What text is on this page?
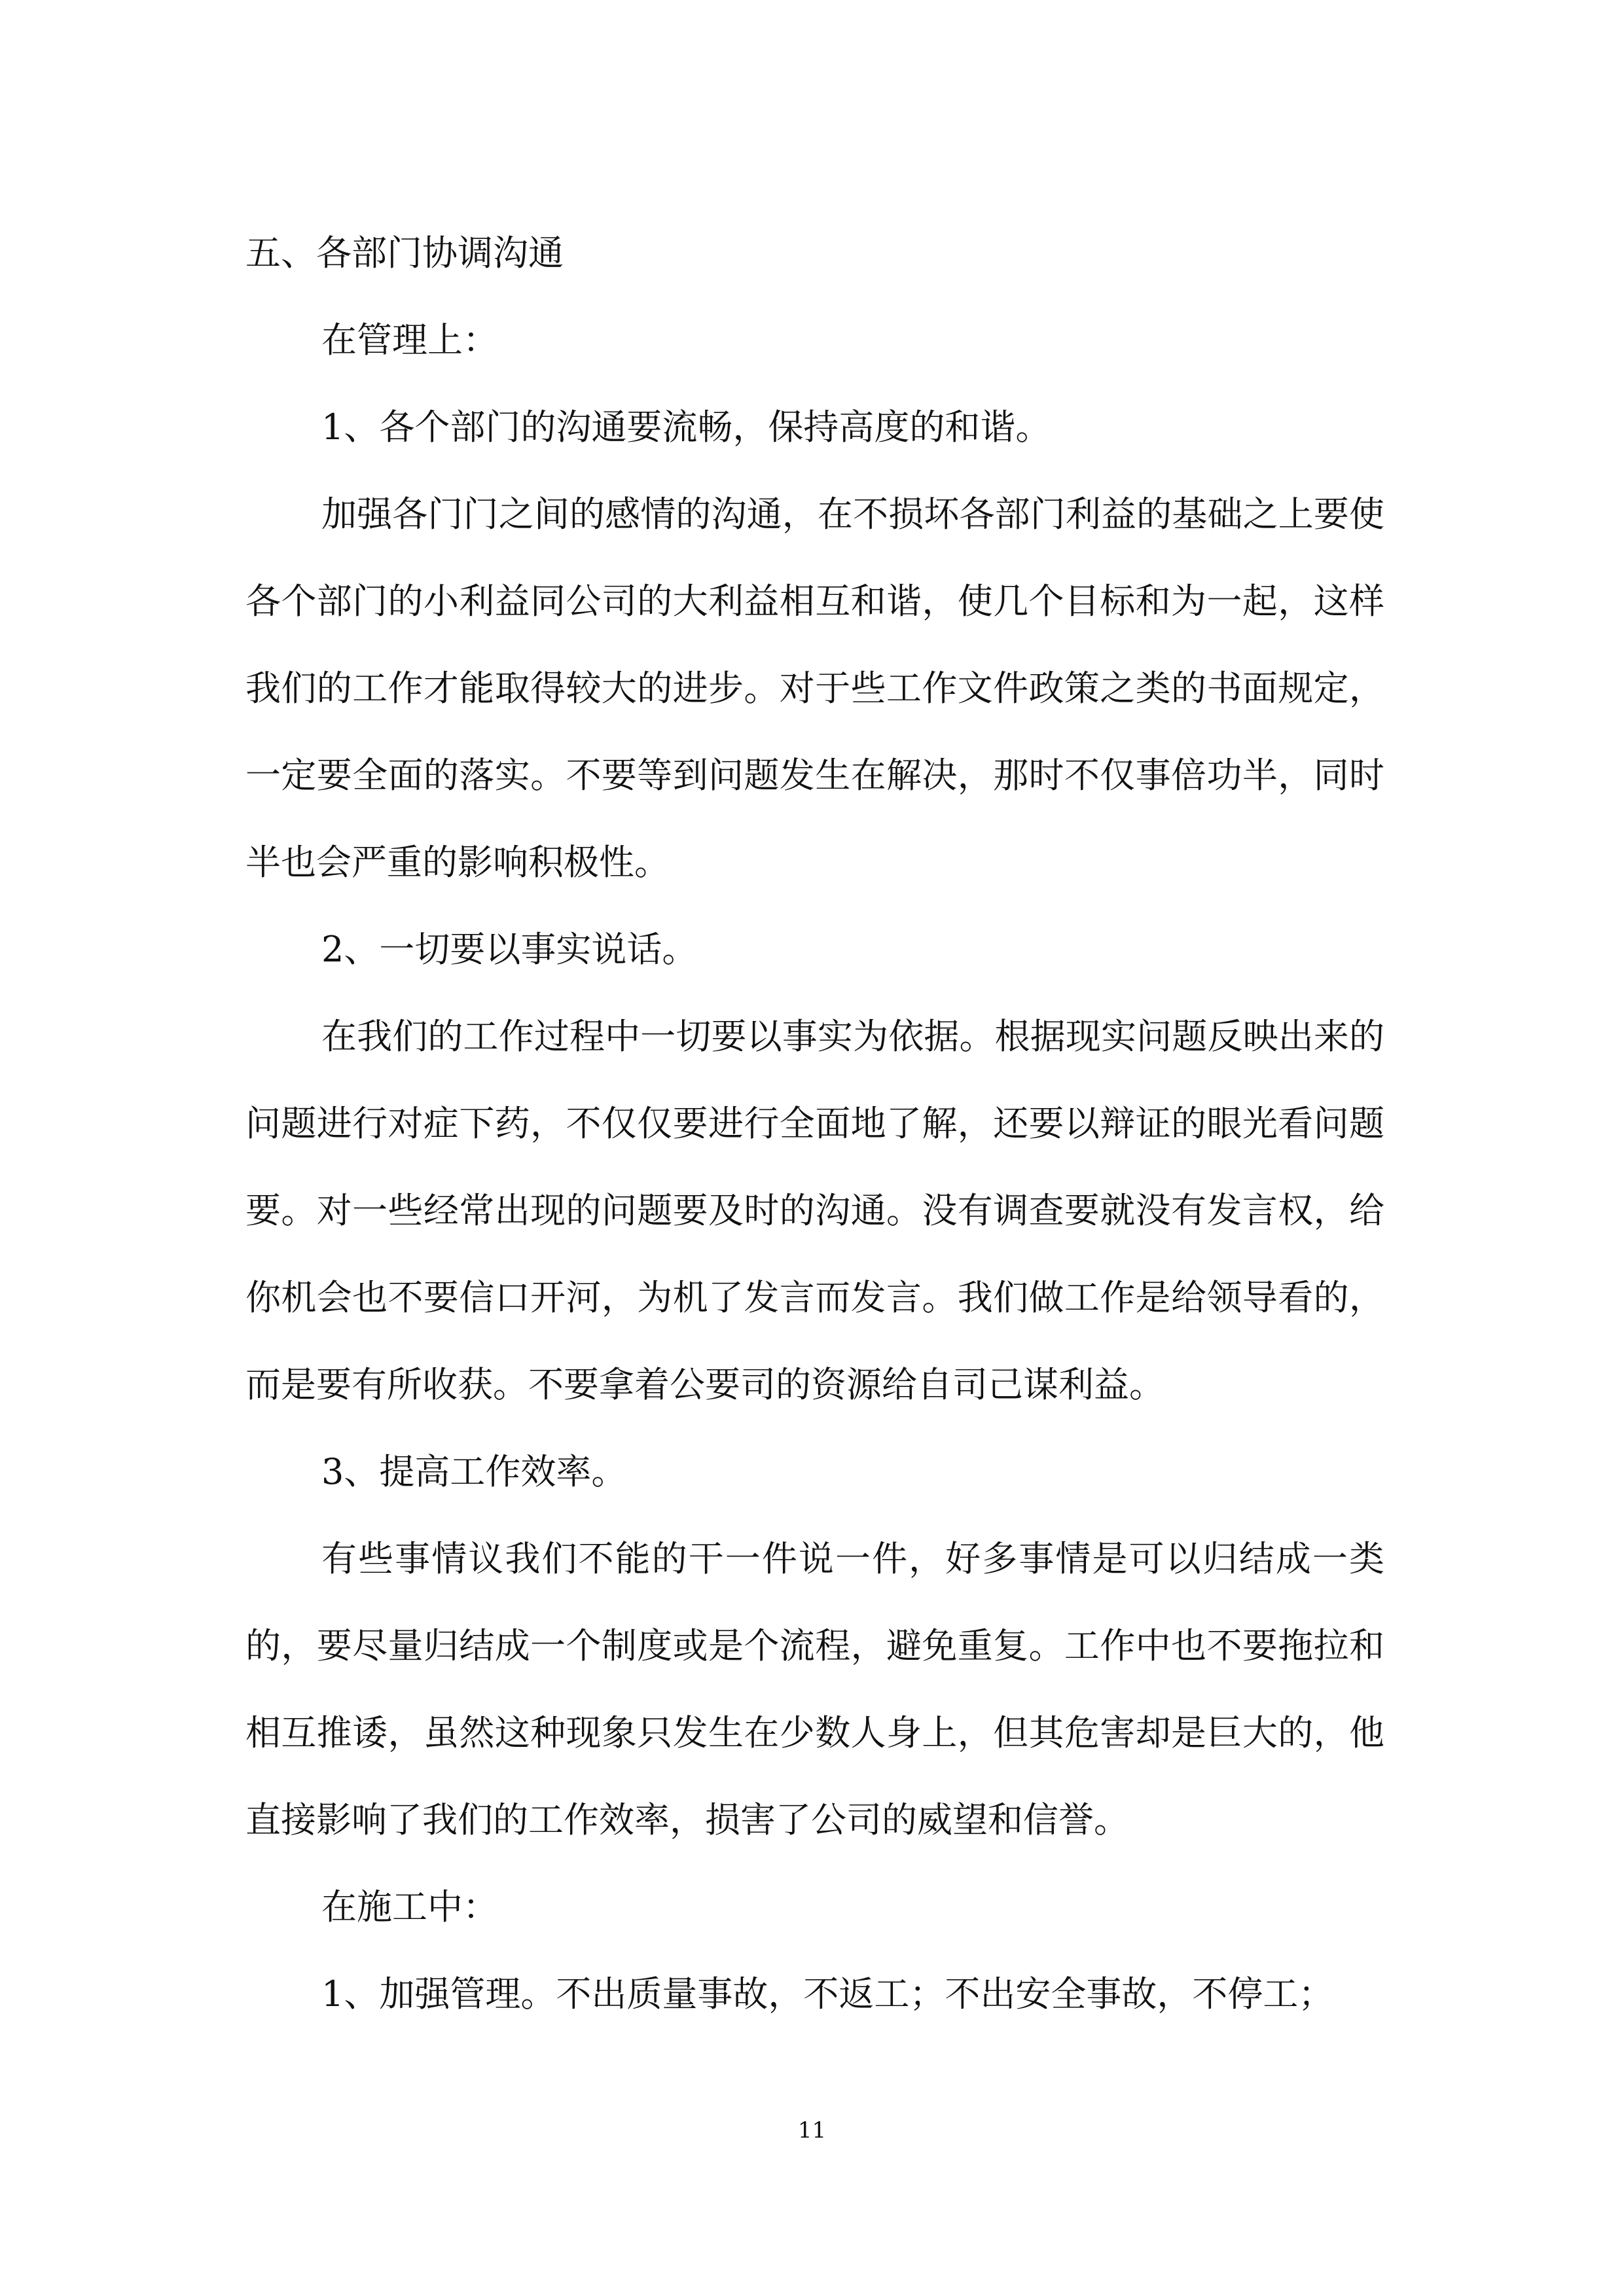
五、各部门协调沟通

在管理上：

1、各个部门的沟通要流畅，保持高度的和谐。

加强各门门之间的感情的沟通，在不损坏各部门利益的基础之上要使各个部门的小利益同公司的大利益相互和谐，使几个目标和为一起，这样我们的工作才能取得较大的进步。对于些工作文件政策之类的书面规定，一定要全面的落实。不要等到问题发生在解决，那时不仅事倍功半，同时半也会严重的影响积极性。

2、一切要以事实说话。

在我们的工作过程中一切要以事实为依据。根据现实问题反映出来的问题进行对症下药，不仅仅要进行全面地了解，还要以辩证的眼光看问题要。对一些经常出现的问题要及时的沟通。没有调查要就没有发言权，给你机会也不要信口开河，为机了发言而发言。我们做工作是给领导看的，而是要有所收获。不要拿着公要司的资源给自司己谋利益。

3、提高工作效率。

有些事情议我们不能的干一件说一件，好多事情是可以归结成一类的，要尽量归结成一个制度或是个流程，避免重复。工作中也不要拖拉和相互推诿，虽然这种现象只发生在少数人身上，但其危害却是巨大的，他直接影响了我们的工作效率，损害了公司的威望和信誉。

在施工中：

1、加强管理。不出质量事故，不返工；不出安全事故，不停工；

11
